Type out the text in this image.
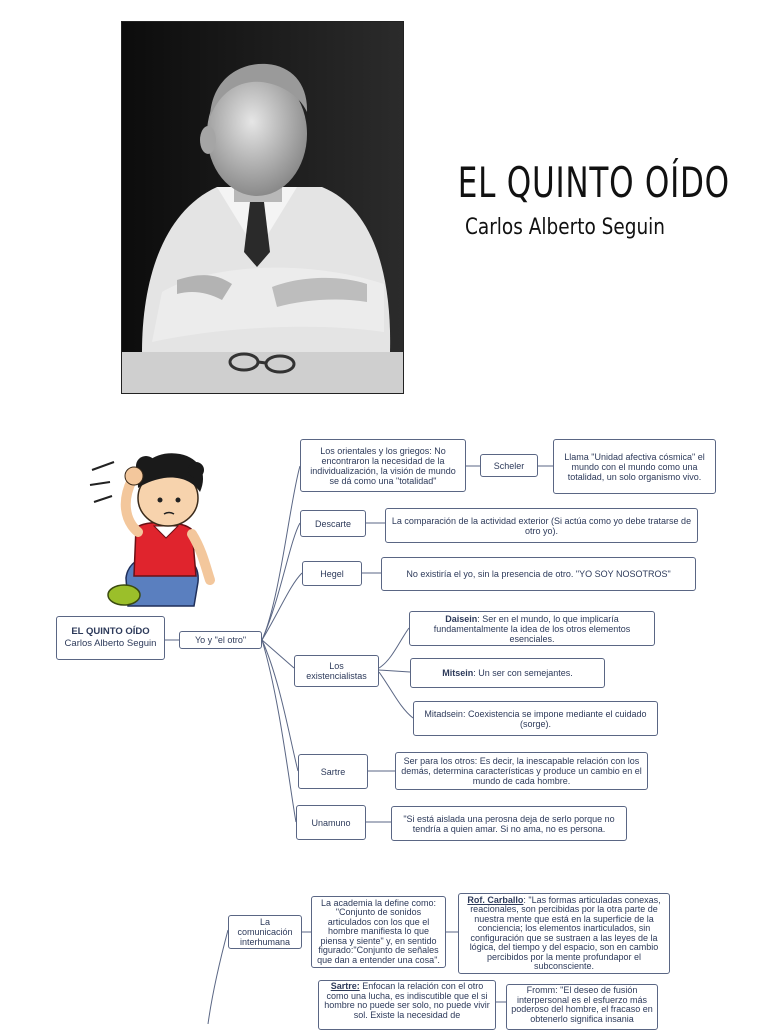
EL QUINTO OÍDO
Carlos Alberto Seguin
EL QUINTO OÍDO
Carlos Alberto Seguin	Yo y "el otro"
Los orientales y los griegos: No encontraron la necesidad de la individualización, la visión de mundo se dá como una "totalidad"
Scheler
Llama "Unidad afectiva cósmica" el mundo con el mundo como una totalidad, un solo organismo vivo.
Descarte	La comparación de la actividad exterior (Si actúa como yo debe tratarse de otro yo).
Hegel	No existiría el yo, sin la presencia de otro. "YO SOY NOSOTROS"
Los existencialistas
Daisein: Ser en el mundo, lo que implicaría fundamentalmente la idea de los otros elementos esenciales.
Mitsein: Un ser con semejantes.
Mitadsein: Coexistencia se impone mediante el cuidado (sorge).
Sartre
Ser para los otros: Es decir, la inescapable relación con los demás, determina características y produce un cambio en el mundo de cada hombre.
Unamuno	"Si está aislada una perosna deja de serlo porque no tendría a quien amar. Si no ama, no es persona.
La comunicación interhumana
La academia la define como: "Conjunto de sonidos articulados con los que el hombre manifiesta lo que piensa y siente" y, en sentido figurado:"Conjunto de señales que dan a entender una cosa".
Rof. Carballo: "Las formas articuladas conexas, reacionales, son percibidas por la otra parte de nuestra mente que está en la superficie de la conciencia; los elementos inarticulados, sin configuración que se sustraen a las leyes de la lógica, del tiempo y del espacio, son en cambio percibidos por la mente profundapor el subconsciente.
Sartre: Enfocan la relación con el otro como una lucha, es indiscutible que el si hombre no puede ser solo, no puede vivir sol. Existe la necesidad de
Fromm: "El deseo de fusión interpersonal es el esfuerzo más poderoso del hombre, el fracaso en obtenerlo significa insania
